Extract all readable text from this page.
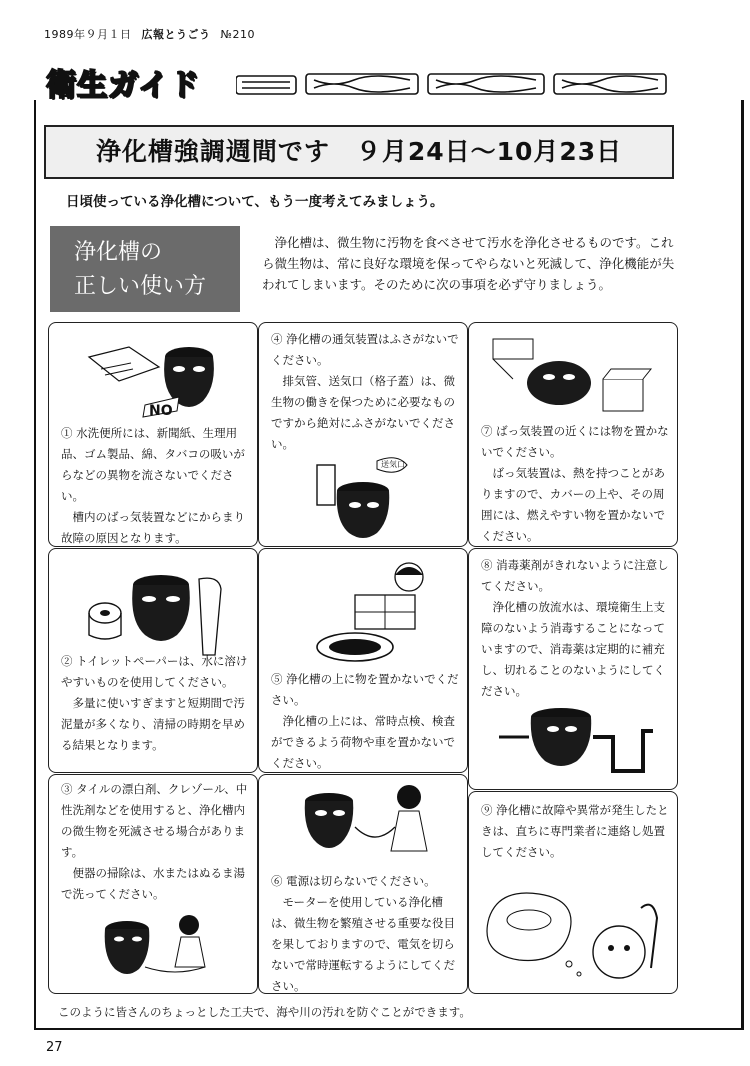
1989年９月１日 広報とうごう №210
衛生ガイド
浄化槽強調週間です　９月24日〜10月23日
日頃使っている浄化槽について、もう一度考えてみましょう。
浄化槽の
正しい使い方
浄化槽は、微生物に汚物を食べさせて汚水を浄化させるものです。これら微生物は、常に良好な環境を保ってやらないと死滅して、浄化機能が失われてしまいます。そのために次の事項を必ず守りましょう。
NO

① 水洗便所には、新聞紙、生理用品、ゴム製品、綿、タバコの吸いがらなどの異物を流さないでください。

槽内のばっ気装置などにからまり故障の原因となります。

② トイレットペーパーは、水に溶けやすいものを使用してください。

多量に使いすぎますと短期間で汚泥量が多くなり、清掃の時期を早める結果となります。

③ タイルの漂白剤、クレゾール、中性洗剤などを使用すると、浄化槽内の微生物を死滅させる場合があります。

便器の掃除は、水またはぬるま湯で洗ってください。

④ 浄化槽の通気装置はふさがないでください。

排気管、送気口（格子蓋）は、微生物の働きを保つために必要なものですから絶対にふさがないでください。

送気口

⑤ 浄化槽の上に物を置かないでください。

浄化槽の上には、常時点検、検査ができるよう荷物や車を置かないでください。

⑥ 電源は切らないでください。

モーターを使用している浄化槽は、微生物を繁殖させる重要な役目を果しておりますので、電気を切らないで常時運転するようにしてください。

⑦ ばっ気装置の近くには物を置かないでください。

ばっ気装置は、熱を持つことがありますので、カバーの上や、その周囲には、燃えやすい物を置かないでください。

⑧ 消毒薬剤がきれないように注意してください。

浄化槽の放流水は、環境衛生上支障のないよう消毒することになっていますので、消毒薬は定期的に補充し、切れることのないようにしてください。

⑨ 浄化槽に故障や異常が発生したときは、直ちに専門業者に連絡し処置してください。

このように皆さんのちょっとした工夫で、海や川の汚れを防ぐことができます。
27
